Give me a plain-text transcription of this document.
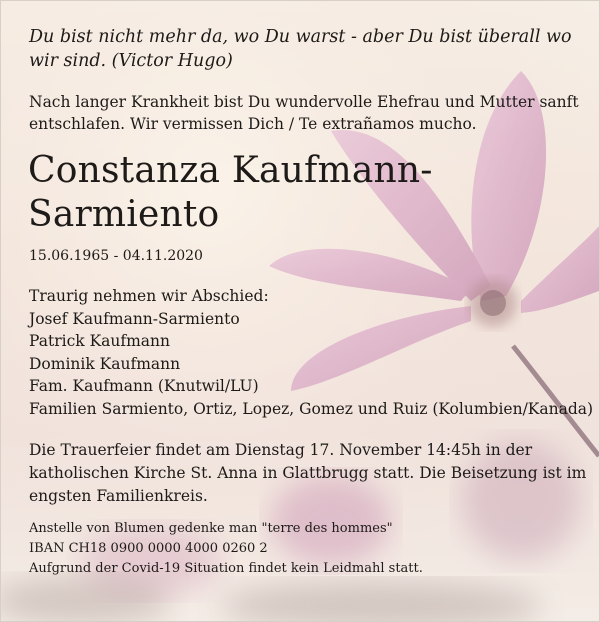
Du bist nicht mehr da, wo Du warst - aber Du bist überall wo wir sind. (Victor Hugo)

Nach langer Krankheit bist Du wundervolle Ehefrau und Mutter sanft entschlafen. Wir vermissen Dich / Te extrañamos mucho.

Constanza Kaufmann-
Sarmiento

15.06.1965 - 04.11.2020

Traurig nehmen wir Abschied:
Josef Kaufmann-Sarmiento
Patrick Kaufmann
Dominik Kaufmann
Fam. Kaufmann (Knutwil/LU)
Familien Sarmiento, Ortiz, Lopez, Gomez und Ruiz (Kolumbien/Kanada)

Die Trauerfeier findet am Dienstag 17. November 14:45h in der katholischen Kirche St. Anna in Glattbrugg statt. Die Beisetzung ist im engsten Familienkreis.

Anstelle von Blumen gedenke man "terre des hommes"
IBAN CH18 0900 0000 4000 0260 2
Aufgrund der Covid-19 Situation findet kein Leidmahl statt.
